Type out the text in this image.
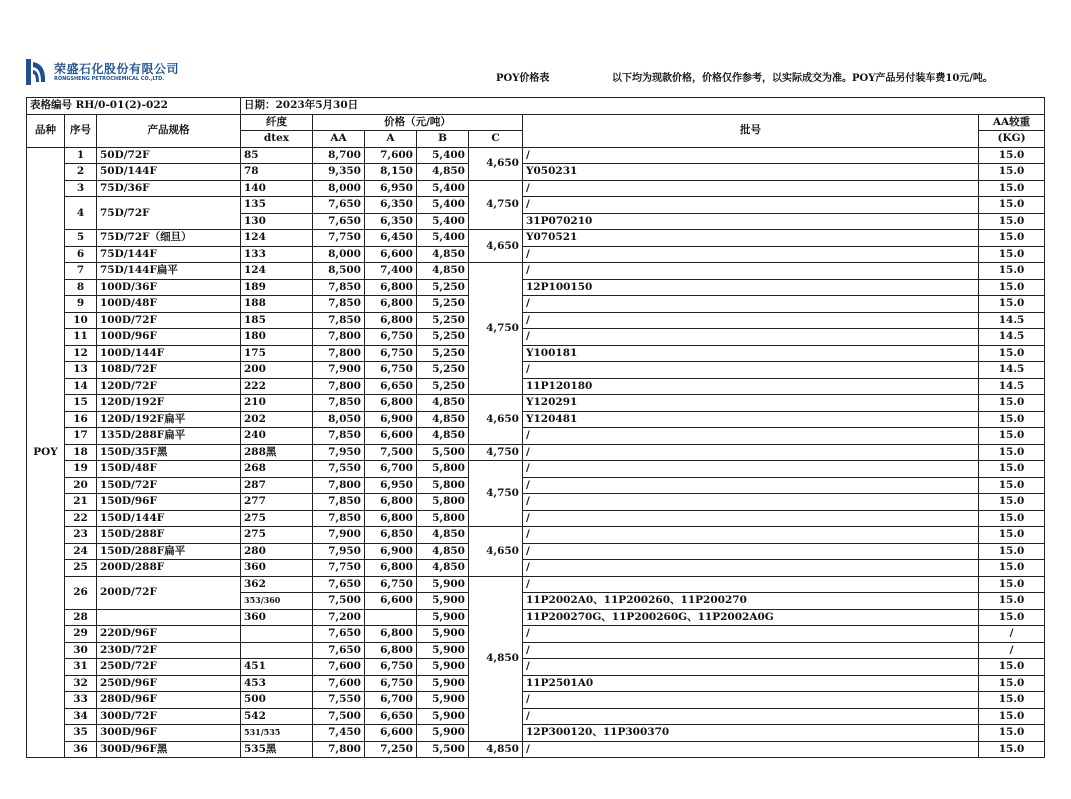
荣盛石化股份有限公司
RONGSHENG PETROCHEMICAL CO.,LTD.	POY价格表	以下均为现款价格，价格仅作参考，以实际成交为准。POY产品另付装车费10元/吨。
表格编号 RH/0-01(2)-022			日期：2023年5月30日						
品种	序号	产品规格	纤度	价格（元/吨）				批号	AA较重
			dtex	AA	A	B	C		(KG)
POY	1	50D/72F	85	8,700	7,600	5,400	4,650	/	15.0
	2	50D/144F	78	9,350	8,150	4,850		Y050231	15.0
	3	75D/36F	140	8,000	6,950	5,400	4,750	/	15.0
	4	75D/72F	135	7,650	6,350	5,400		/	15.0
			130	7,650	6,350	5,400		31P070210	15.0
	5	75D/72F（细旦）	124	7,750	6,450	5,400	4,650	Y070521	15.0
	6	75D/144F	133	8,000	6,600	4,850		/	15.0
	7	75D/144F扁平	124	8,500	7,400	4,850	4,750	/	15.0
	8	100D/36F	189	7,850	6,800	5,250		12P100150	15.0
	9	100D/48F	188	7,850	6,800	5,250		/	15.0
	10	100D/72F	185	7,850	6,800	5,250		/	14.5
	11	100D/96F	180	7,800	6,750	5,250		/	14.5
	12	100D/144F	175	7,800	6,750	5,250		Y100181	15.0
	13	108D/72F	200	7,900	6,750	5,250		/	14.5
	14	120D/72F	222	7,800	6,650	5,250		11P120180	14.5
	15	120D/192F	210	7,850	6,800	4,850	4,650	Y120291	15.0
	16	120D/192F扁平	202	8,050	6,900	4,850		Y120481	15.0
	17	135D/288F扁平	240	7,850	6,600	4,850		/	15.0
	18	150D/35F黑	288黑	7,950	7,500	5,500	4,750	/	15.0
	19	150D/48F	268	7,550	6,700	5,800	4,750	/	15.0
	20	150D/72F	287	7,800	6,950	5,800		/	15.0
	21	150D/96F	277	7,850	6,800	5,800		/	15.0
	22	150D/144F	275	7,850	6,800	5,800		/	15.0
	23	150D/288F	275	7,900	6,850	4,850	4,650	/	15.0
	24	150D/288F扁平	280	7,950	6,900	4,850		/	15.0
	25	200D/288F	360	7,750	6,800	4,850		/	15.0
	26	200D/72F	362	7,650	6,750	5,900	4,850	/	15.0
			353/360	7,500	6,600	5,900		11P2002A0、11P200260、11P200270	15.0
	28		360	7,200		5,900		11P200270G、11P200260G、11P2002A0G	15.0
	29	220D/96F		7,650	6,800	5,900		/	/
	30	230D/72F		7,650	6,800	5,900		/	/
	31	250D/72F	451	7,600	6,750	5,900		/	15.0
	32	250D/96F	453	7,600	6,750	5,900		11P2501A0	15.0
	33	280D/96F	500	7,550	6,700	5,900		/	15.0
	34	300D/72F	542	7,500	6,650	5,900		/	15.0
	35	300D/96F	531/535	7,450	6,600	5,900		12P300120、11P300370	15.0
	36	300D/96F黑	535黑	7,800	7,250	5,500	4,850	/	15.0
